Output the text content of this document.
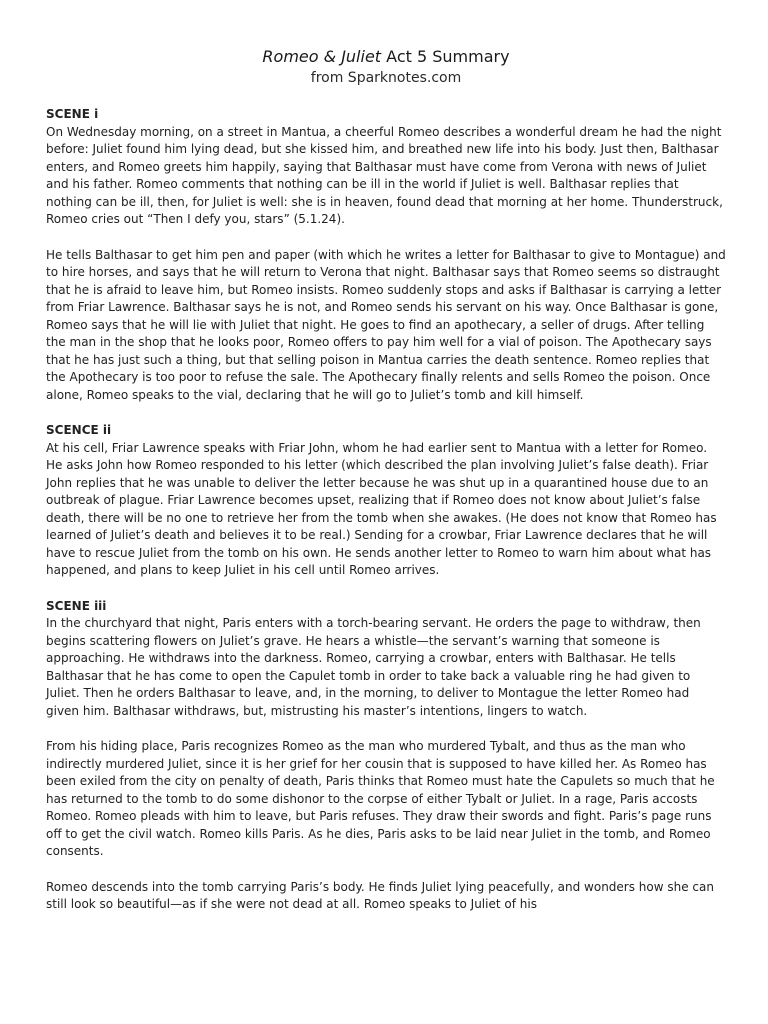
Romeo & Juliet Act 5 Summary
from Sparknotes.com

SCENE i

On Wednesday morning, on a street in Mantua, a cheerful Romeo describes a wonderful dream he had the night before: Juliet found him lying dead, but she kissed him, and breathed new life into his body. Just then, Balthasar enters, and Romeo greets him happily, saying that Balthasar must have come from Verona with news of Juliet and his father. Romeo comments that nothing can be ill in the world if Juliet is well. Balthasar replies that nothing can be ill, then, for Juliet is well: she is in heaven, found dead that morning at her home. Thunderstruck, Romeo cries out “Then I defy you, stars” (5.1.24).

He tells Balthasar to get him pen and paper (with which he writes a letter for Balthasar to give to Montague) and to hire horses, and says that he will return to Verona that night. Balthasar says that Romeo seems so distraught that he is afraid to leave him, but Romeo insists. Romeo suddenly stops and asks if Balthasar is carrying a letter from Friar Lawrence. Balthasar says he is not, and Romeo sends his servant on his way. Once Balthasar is gone, Romeo says that he will lie with Juliet that night. He goes to find an apothecary, a seller of drugs. After telling the man in the shop that he looks poor, Romeo offers to pay him well for a vial of poison. The Apothecary says that he has just such a thing, but that selling poison in Mantua carries the death sentence. Romeo replies that the Apothecary is too poor to refuse the sale. The Apothecary finally relents and sells Romeo the poison. Once alone, Romeo speaks to the vial, declaring that he will go to Juliet’s tomb and kill himself.

SCENCE ii

At his cell, Friar Lawrence speaks with Friar John, whom he had earlier sent to Mantua with a letter for Romeo. He asks John how Romeo responded to his letter (which described the plan involving Juliet’s false death). Friar John replies that he was unable to deliver the letter because he was shut up in a quarantined house due to an outbreak of plague. Friar Lawrence becomes upset, realizing that if Romeo does not know about Juliet’s false death, there will be no one to retrieve her from the tomb when she awakes. (He does not know that Romeo has learned of Juliet’s death and believes it to be real.) Sending for a crowbar, Friar Lawrence declares that he will have to rescue Juliet from the tomb on his own. He sends another letter to Romeo to warn him about what has happened, and plans to keep Juliet in his cell until Romeo arrives.

SCENE iii

In the churchyard that night, Paris enters with a torch-bearing servant. He orders the page to withdraw, then begins scattering flowers on Juliet’s grave. He hears a whistle—the servant’s warning that someone is approaching. He withdraws into the darkness. Romeo, carrying a crowbar, enters with Balthasar. He tells Balthasar that he has come to open the Capulet tomb in order to take back a valuable ring he had given to Juliet. Then he orders Balthasar to leave, and, in the morning, to deliver to Montague the letter Romeo had given him. Balthasar withdraws, but, mistrusting his master’s intentions, lingers to watch.

From his hiding place, Paris recognizes Romeo as the man who murdered Tybalt, and thus as the man who indirectly murdered Juliet, since it is her grief for her cousin that is supposed to have killed her. As Romeo has been exiled from the city on penalty of death, Paris thinks that Romeo must hate the Capulets so much that he has returned to the tomb to do some dishonor to the corpse of either Tybalt or Juliet. In a rage, Paris accosts Romeo. Romeo pleads with him to leave, but Paris refuses. They draw their swords and fight. Paris’s page runs off to get the civil watch. Romeo kills Paris. As he dies, Paris asks to be laid near Juliet in the tomb, and Romeo consents.

Romeo descends into the tomb carrying Paris’s body. He finds Juliet lying peacefully, and wonders how she can still look so beautiful—as if she were not dead at all. Romeo speaks to Juliet of his
